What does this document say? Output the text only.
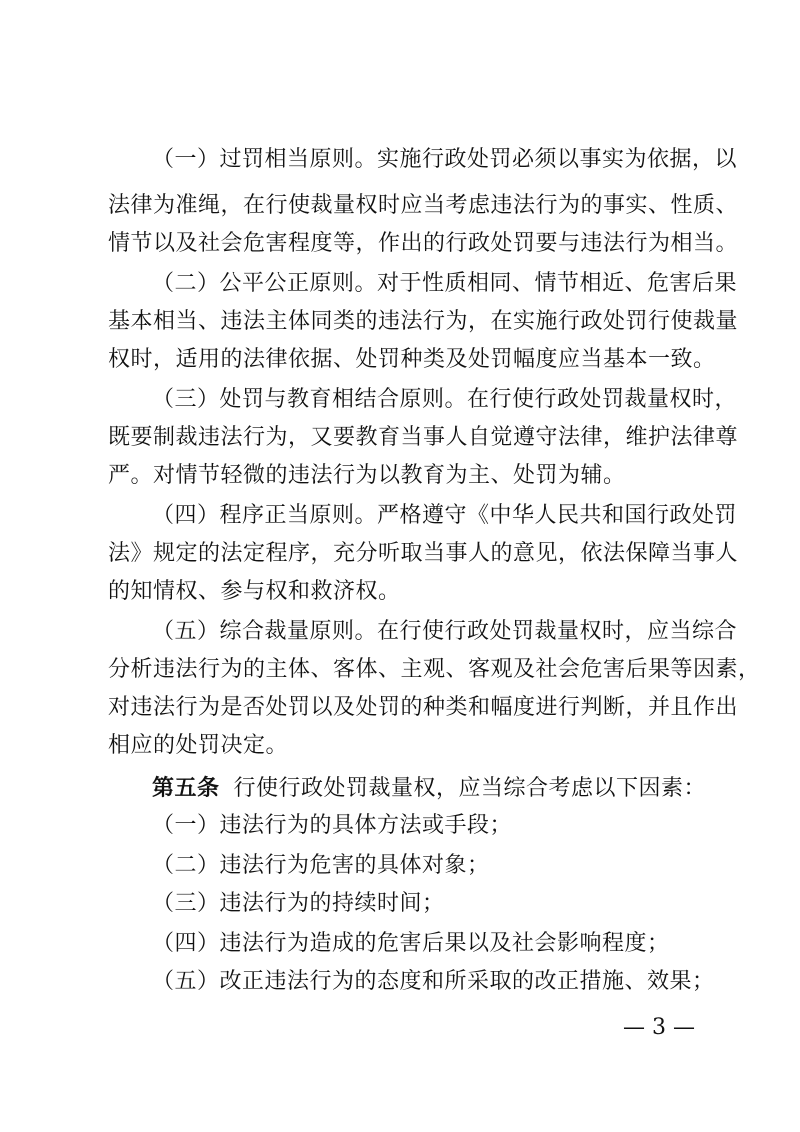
（一）过罚相当原则。实施行政处罚必须以事实为依据，以
法律为准绳，在行使裁量权时应当考虑违法行为的事实、性质、
情节以及社会危害程度等，作出的行政处罚要与违法行为相当。
（二）公平公正原则。对于性质相同、情节相近、危害后果
基本相当、违法主体同类的违法行为，在实施行政处罚行使裁量
权时，适用的法律依据、处罚种类及处罚幅度应当基本一致。
（三）处罚与教育相结合原则。在行使行政处罚裁量权时，
既要制裁违法行为，又要教育当事人自觉遵守法律，维护法律尊
严。对情节轻微的违法行为以教育为主、处罚为辅。
（四）程序正当原则。严格遵守《中华人民共和国行政处罚
法》规定的法定程序，充分听取当事人的意见，依法保障当事人
的知情权、参与权和救济权。
（五）综合裁量原则。在行使行政处罚裁量权时，应当综合
分析违法行为的主体、客体、主观、客观及社会危害后果等因素，
对违法行为是否处罚以及处罚的种类和幅度进行判断，并且作出
相应的处罚决定。
第五条 行使行政处罚裁量权，应当综合考虑以下因素：
（一）违法行为的具体方法或手段；
（二）违法行为危害的具体对象；
（三）违法行为的持续时间；
（四）违法行为造成的危害后果以及社会影响程度；
（五）改正违法行为的态度和所采取的改正措施、效果；
— 3 —
